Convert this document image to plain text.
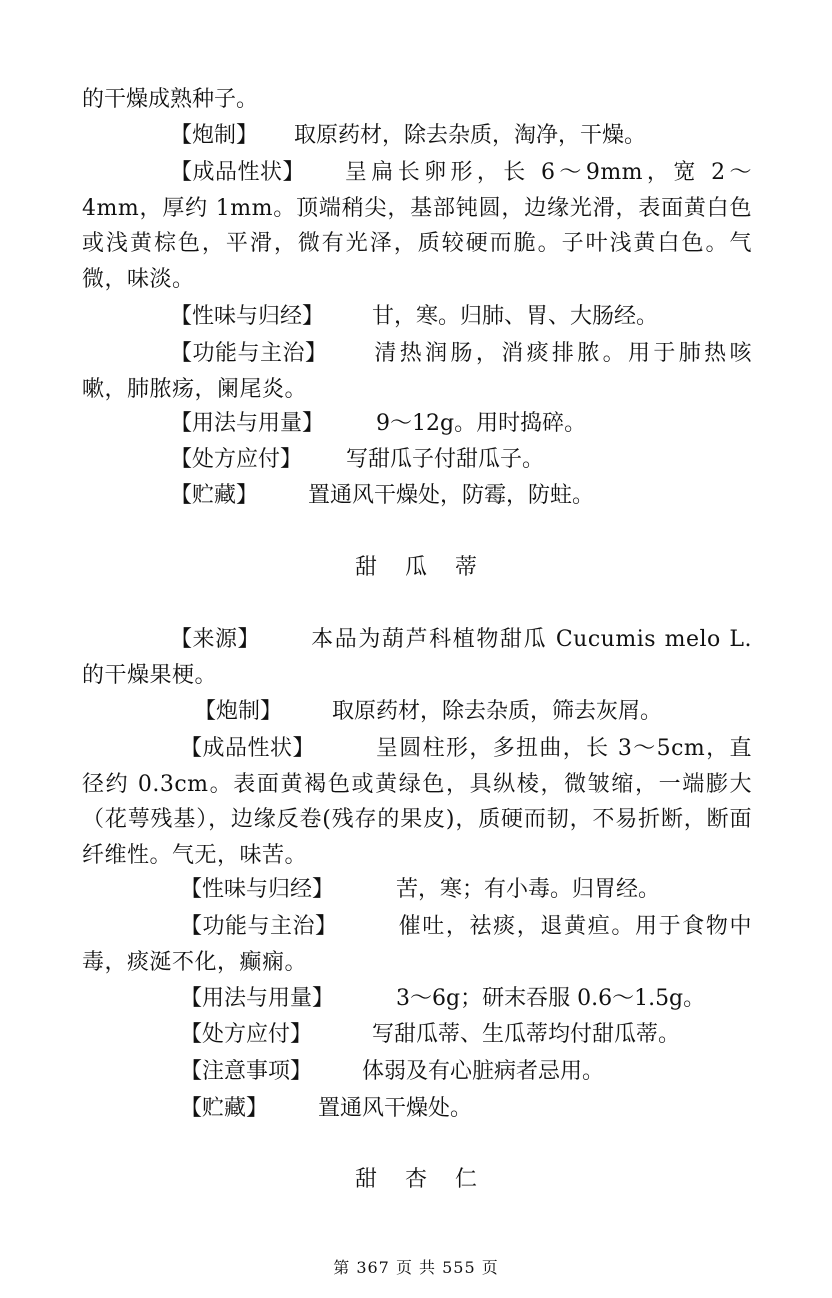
的干燥成熟种子。
【炮制】 取原药材，除去杂质，淘净，干燥。
【成品性状】 呈扁长卵形，长 6～9mm，宽 2～4mm，厚约 1mm。顶端稍尖，基部钝圆，边缘光滑，表面黄白色或浅黄棕色，平滑，微有光泽，质较硬而脆。子叶浅黄白色。气微，味淡。
【性味与归经】 甘，寒。归肺、胃、大肠经。
【功能与主治】 清热润肠，消痰排脓。用于肺热咳嗽，肺脓疡，阑尾炎。
【用法与用量】 9～12g。用时捣碎。
【处方应付】 写甜瓜子付甜瓜子。
【贮藏】 置通风干燥处，防霉，防蛀。
甜瓜蒂
【来源】 本品为葫芦科植物甜瓜 Cucumis melo L. 的干燥果梗。
【炮制】 取原药材，除去杂质，筛去灰屑。
【成品性状】	呈圆柱形，多扭曲，长 3～5cm，直径约 0.3cm。表面黄褐色或黄绿色，具纵棱，微皱缩，一端膨大（花萼残基），边缘反卷(残存的果皮)，质硬而韧，不易折断，断面纤维性。气无，味苦。
【性味与归经】	苦，寒；有小毒。归胃经。
【功能与主治】	催吐，祛痰，退黄疸。用于食物中毒，痰涎不化，癫痫。
【用法与用量】	3～6g；研末吞服 0.6～1.5g。
【处方应付】	写甜瓜蒂、生瓜蒂均付甜瓜蒂。
【注意事项】 体弱及有心脏病者忌用。
【贮藏】 置通风干燥处。
甜杏仁
第 367 页 共 555 页
